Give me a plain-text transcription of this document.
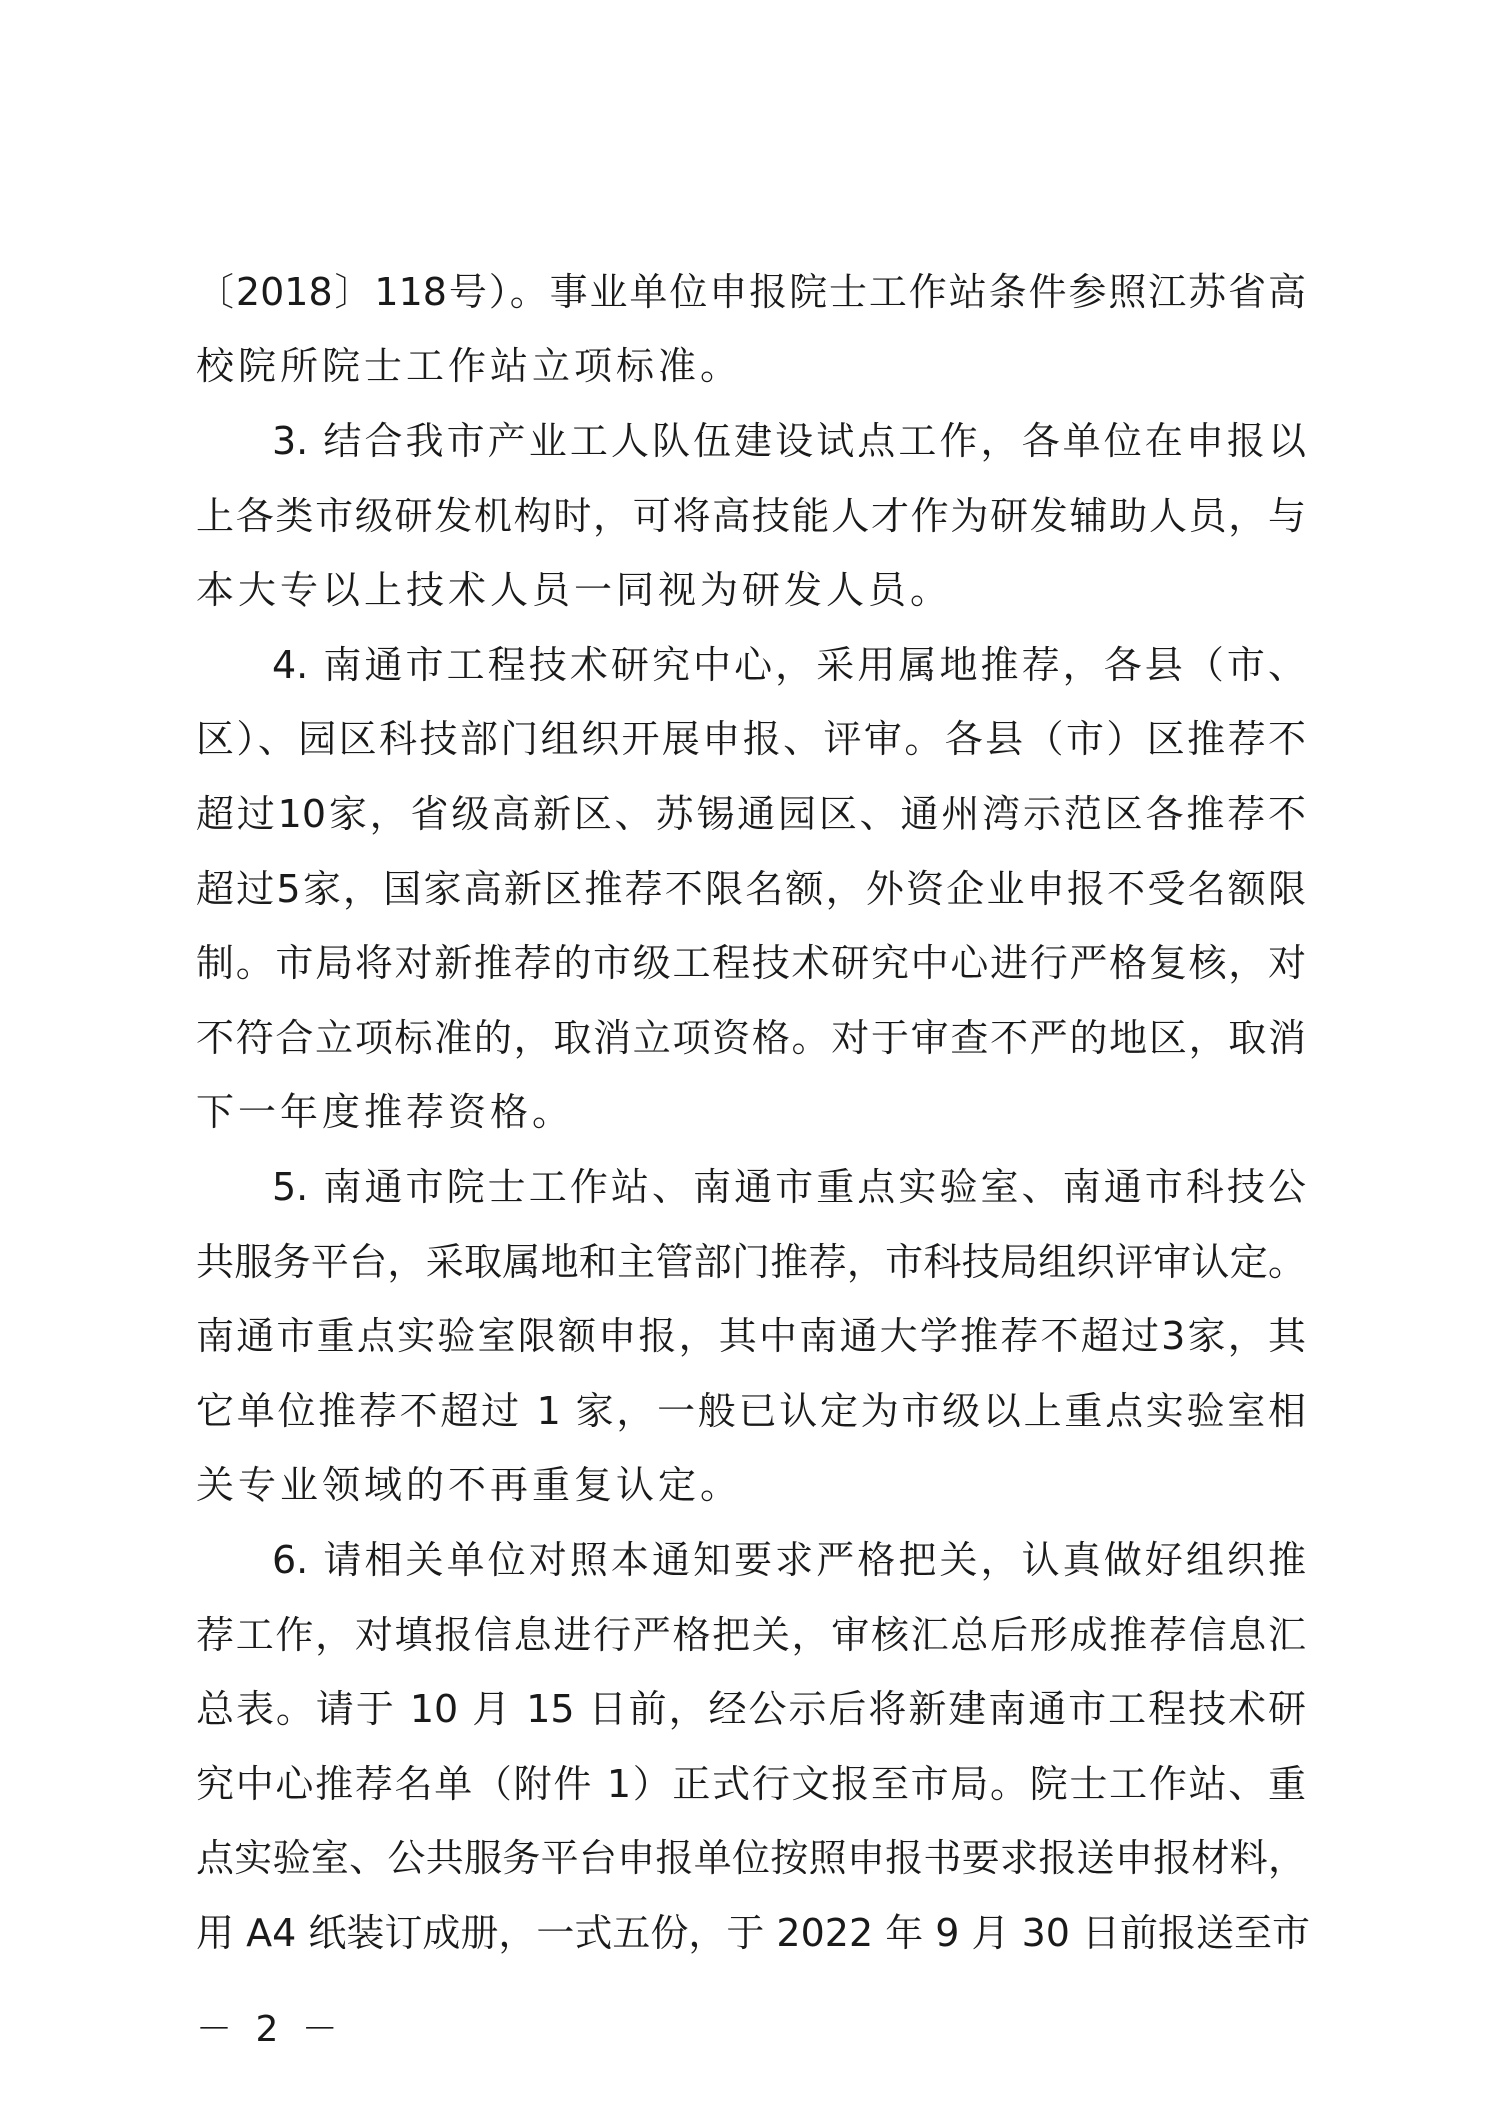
〔2018〕118号）。事业单位申报院士工作站条件参照江苏省高
校院所院士工作站立项标准。
3. 结合我市产业工人队伍建设试点工作，各单位在申报以
上各类市级研发机构时，可将高技能人才作为研发辅助人员，与
本大专以上技术人员一同视为研发人员。
4. 南通市工程技术研究中心，采用属地推荐，各县（市、
区）、园区科技部门组织开展申报、评审。各县（市）区推荐不
超过10家，省级高新区、苏锡通园区、通州湾示范区各推荐不
超过5家，国家高新区推荐不限名额，外资企业申报不受名额限
制。市局将对新推荐的市级工程技术研究中心进行严格复核，对
不符合立项标准的，取消立项资格。对于审查不严的地区，取消
下一年度推荐资格。
5. 南通市院士工作站、南通市重点实验室、南通市科技公
共服务平台，采取属地和主管部门推荐，市科技局组织评审认定。
南通市重点实验室限额申报，其中南通大学推荐不超过3家，其
它单位推荐不超过 1 家，一般已认定为市级以上重点实验室相
关专业领域的不再重复认定。
6. 请相关单位对照本通知要求严格把关，认真做好组织推
荐工作，对填报信息进行严格把关，审核汇总后形成推荐信息汇
总表。请于 10 月 15 日前，经公示后将新建南通市工程技术研
究中心推荐名单（附件 1）正式行文报至市局。院士工作站、重
点实验室、公共服务平台申报单位按照申报书要求报送申报材料，
用 A4 纸装订成册，一式五份，于 2022 年 9 月 30 日前报送至市
－ 2 －
